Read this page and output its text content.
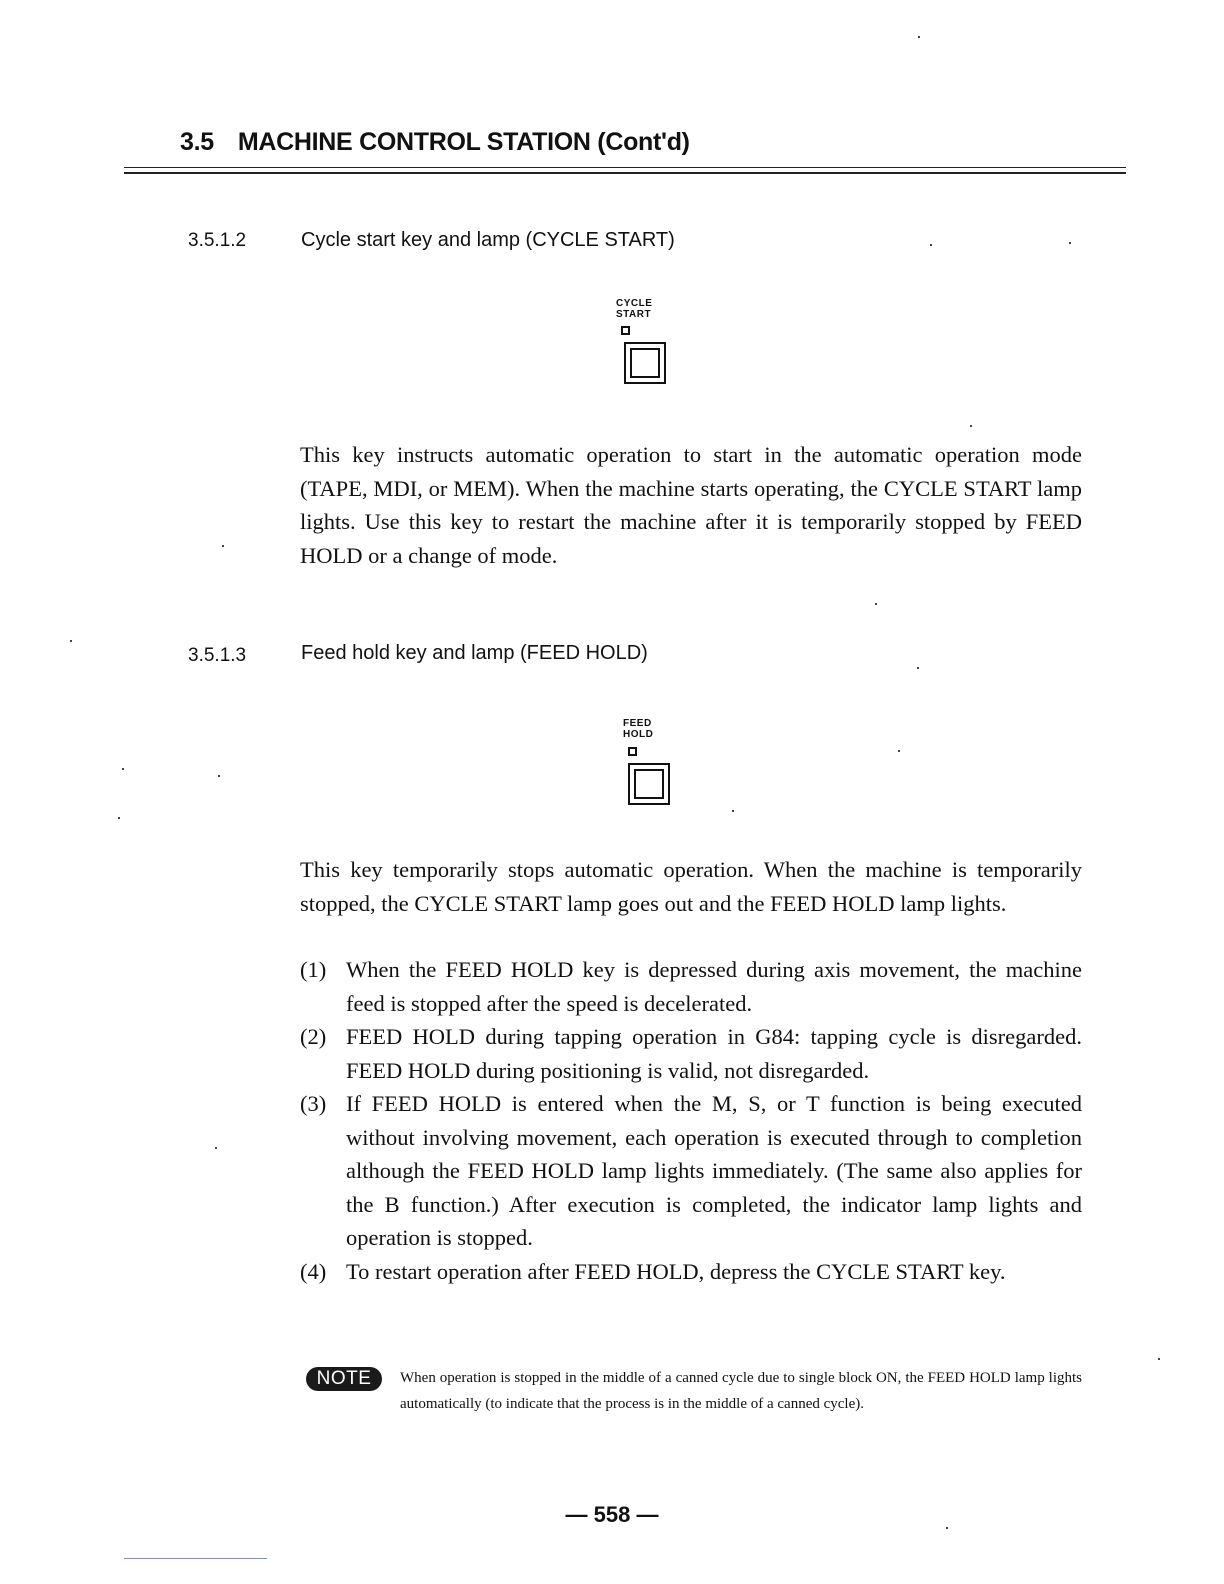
3.5 MACHINE CONTROL STATION (Cont'd)
3.5.1.2	Cycle start key and lamp (CYCLE START)
CYCLE
START

This key instructs automatic operation to start in the automatic operation mode (TAPE, MDI, or MEM). When the machine starts operating, the CYCLE START lamp lights. Use this key to restart the machine after it is temporarily stopped by FEED HOLD or a change of mode.

3.5.1.3	Feed hold key and lamp (FEED HOLD)
FEED
HOLD

This key temporarily stops automatic operation. When the machine is temporarily stopped, the CYCLE START lamp goes out and the FEED HOLD lamp lights.

(1) When the FEED HOLD key is depressed during axis movement, the machine feed is stopped after the speed is decelerated.
(2) FEED HOLD during tapping operation in G84: tapping cycle is disregarded. FEED HOLD during positioning is valid, not disregarded.
(3) If FEED HOLD is entered when the M, S, or T function is being executed without involving movement, each operation is executed through to completion although the FEED HOLD lamp lights immediately. (The same also applies for the B function.) After execution is completed, the indicator lamp lights and operation is stopped.
(4) To restart operation after FEED HOLD, depress the CYCLE START key.
NOTE	When operation is stopped in the middle of a canned cycle due to single block ON, the FEED HOLD lamp lights automatically (to indicate that the process is in the middle of a canned cycle).
— 558 —
